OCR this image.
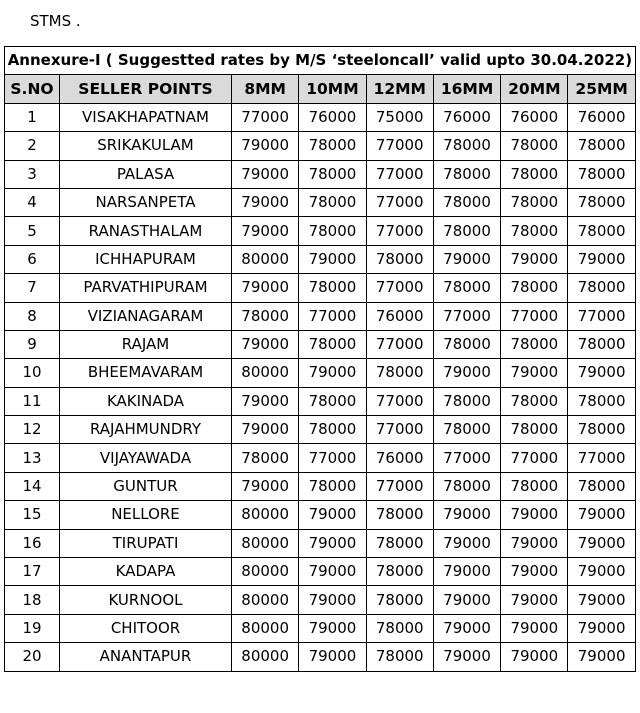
STMS .
Annexure-I ( Suggestted rates by M/S ‘steeloncall’ valid upto 30.04.2022)							
S.NO	SELLER POINTS	8MM	10MM	12MM	16MM	20MM	25MM
1	VISAKHAPATNAM	77000	76000	75000	76000	76000	76000
2	SRIKAKULAM	79000	78000	77000	78000	78000	78000
3	PALASA	79000	78000	77000	78000	78000	78000
4	NARSANPETA	79000	78000	77000	78000	78000	78000
5	RANASTHALAM	79000	78000	77000	78000	78000	78000
6	ICHHAPURAM	80000	79000	78000	79000	79000	79000
7	PARVATHIPURAM	79000	78000	77000	78000	78000	78000
8	VIZIANAGARAM	78000	77000	76000	77000	77000	77000
9	RAJAM	79000	78000	77000	78000	78000	78000
10	BHEEMAVARAM	80000	79000	78000	79000	79000	79000
11	KAKINADA	79000	78000	77000	78000	78000	78000
12	RAJAHMUNDRY	79000	78000	77000	78000	78000	78000
13	VIJAYAWADA	78000	77000	76000	77000	77000	77000
14	GUNTUR	79000	78000	77000	78000	78000	78000
15	NELLORE	80000	79000	78000	79000	79000	79000
16	TIRUPATI	80000	79000	78000	79000	79000	79000
17	KADAPA	80000	79000	78000	79000	79000	79000
18	KURNOOL	80000	79000	78000	79000	79000	79000
19	CHITOOR	80000	79000	78000	79000	79000	79000
20	ANANTAPUR	80000	79000	78000	79000	79000	79000
